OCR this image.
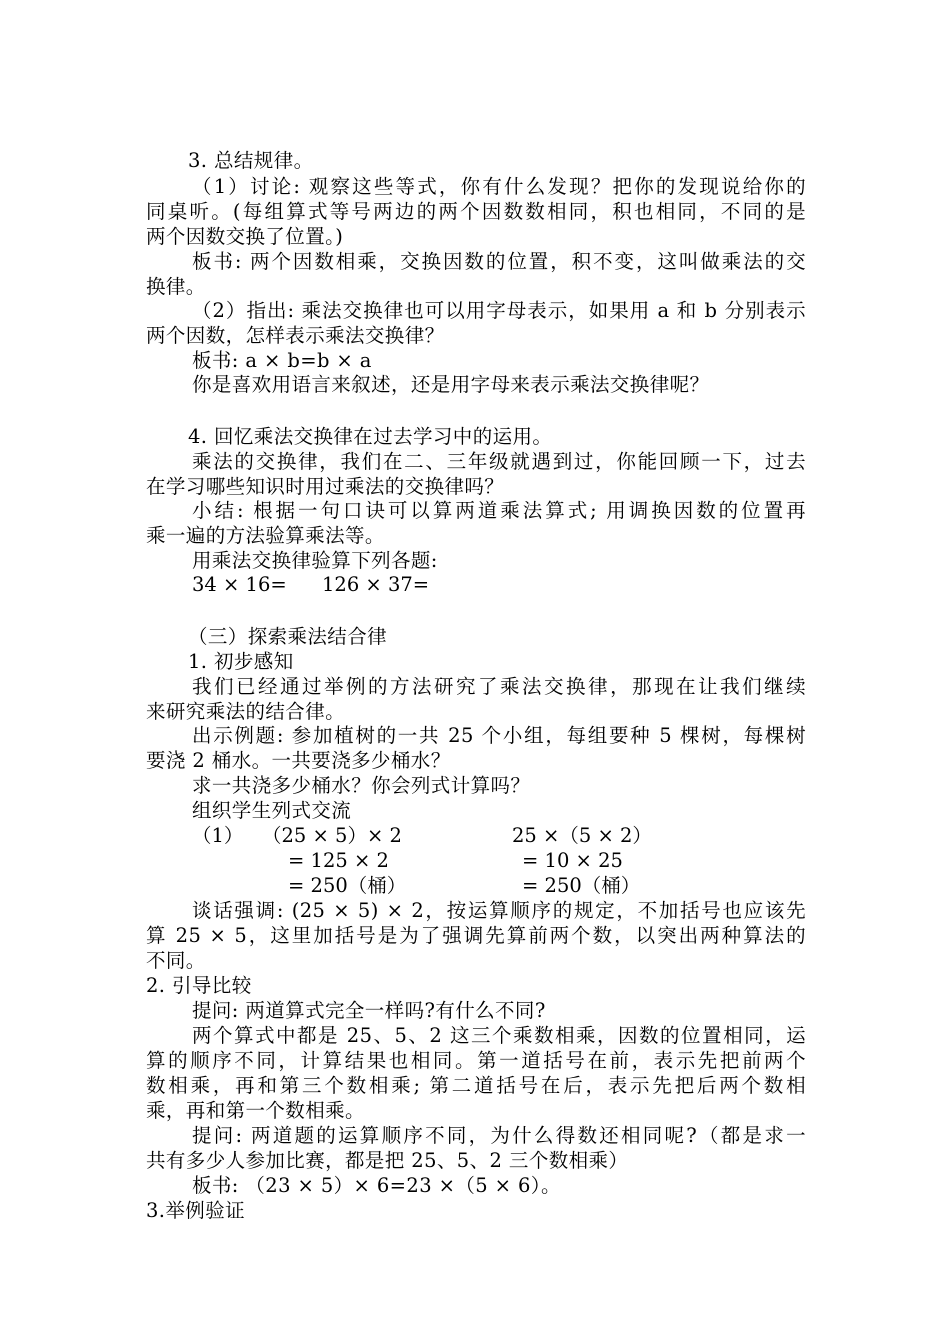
3. 总结规律。
（1）讨论: 观察这些等式，你有什么发现？把你的发现说给你的
同桌听。(每组算式等号两边的两个因数数相同，积也相同，不同的是
两个因数交换了位置。)
板书: 两个因数相乘，交换因数的位置，积不变，这叫做乘法的交
换律。
（2）指出: 乘法交换律也可以用字母表示，如果用 a 和 b 分别表示
两个因数，怎样表示乘法交换律？
板书: a × b=b × a
你是喜欢用语言来叙述，还是用字母来表示乘法交换律呢？
4. 回忆乘法交换律在过去学习中的运用。
乘法的交换律，我们在二、三年级就遇到过，你能回顾一下，过去
在学习哪些知识时用过乘法的交换律吗？
小结: 根据一句口诀可以算两道乘法算式; 用调换因数的位置再
乘一遍的方法验算乘法等。
用乘法交换律验算下列各题:
34 × 16= 126 × 37=
（三）探索乘法结合律
1. 初步感知
我们已经通过举例的方法研究了乘法交换律，那现在让我们继续
来研究乘法的结合律。
出示例题: 参加植树的一共 25 个小组，每组要种 5 棵树，每棵树
要浇 2 桶水。一共要浇多少桶水？
求一共浇多少桶水？你会列式计算吗？
组织学生列式交流
（1） （25 × 5）× 2
= 125 × 2
= 250（桶）
25 ×（5 × 2）
= 10 × 25
= 250（桶）
谈话强调: (25 × 5) × 2，按运算顺序的规定，不加括号也应该先
算 25 × 5，这里加括号是为了强调先算前两个数，以突出两种算法的
不同。
2. 引导比较
提问: 两道算式完全一样吗?有什么不同?
两个算式中都是 25、5、2 这三个乘数相乘，因数的位置相同，运
算的顺序不同，计算结果也相同。第一道括号在前，表示先把前两个
数相乘，再和第三个数相乘; 第二道括号在后，表示先把后两个数相
乘，再和第一个数相乘。
提问: 两道题的运算顺序不同，为什么得数还相同呢?（都是求一
共有多少人参加比赛，都是把 25、5、2 三个数相乘）
板书: （23 × 5）× 6=23 ×（5 × 6）。
3.举例验证
